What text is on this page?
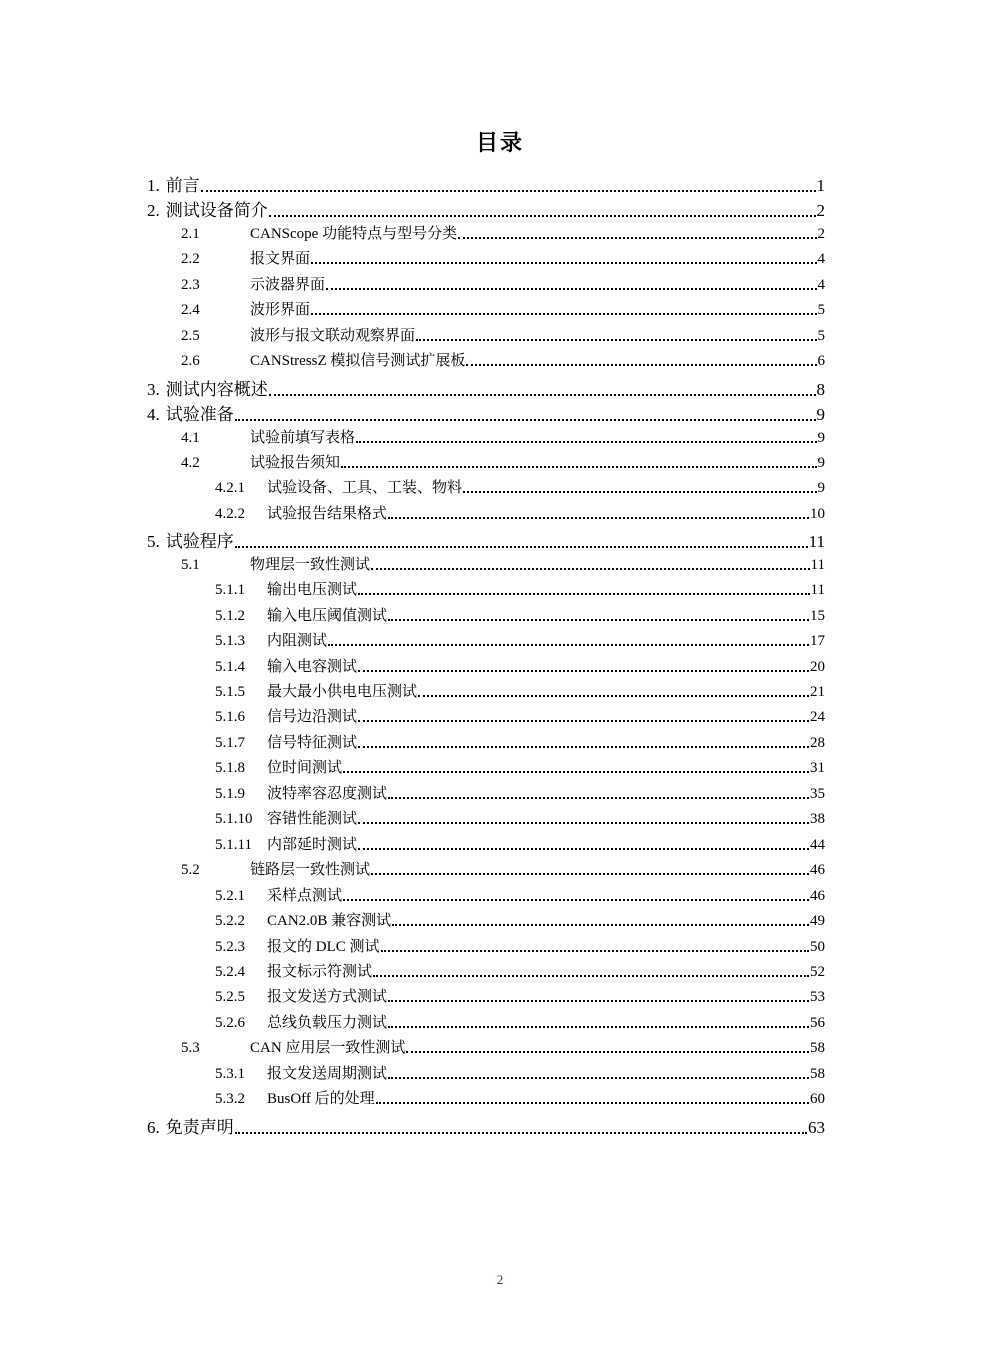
目录
1. 前言	1
2. 测试设备简介	2
2.1	CANScope 功能特点与型号分类	2
2.2	报文界面	4
2.3	示波器界面	4
2.4	波形界面	5
2.5	波形与报文联动观察界面	5
2.6	CANStressZ 模拟信号测试扩展板	6
3. 测试内容概述	8
4. 试验准备	9
4.1	试验前填写表格	9
4.2	试验报告须知	9
4.2.1	试验设备、工具、工装、物料	9
4.2.2	试验报告结果格式	10
5. 试验程序	11
5.1	物理层一致性测试	11
5.1.1	输出电压测试	11
5.1.2	输入电压阈值测试	15
5.1.3	内阻测试	17
5.1.4	输入电容测试	20
5.1.5	最大最小供电电压测试	21
5.1.6	信号边沿测试	24
5.1.7	信号特征测试	28
5.1.8	位时间测试	31
5.1.9	波特率容忍度测试	35
5.1.10 容错性能测试	38
5.1.11	内部延时测试	44
5.2	链路层一致性测试	46
5.2.1	采样点测试	46
5.2.2	CAN2.0B 兼容测试	49
5.2.3	报文的 DLC 测试	50
5.2.4	报文标示符测试	52
5.2.5	报文发送方式测试	53
5.2.6	总线负载压力测试	56
5.3	CAN 应用层一致性测试	58
5.3.1	报文发送周期测试	58
5.3.2	BusOff 后的处理	60
6. 免责声明	63
2
